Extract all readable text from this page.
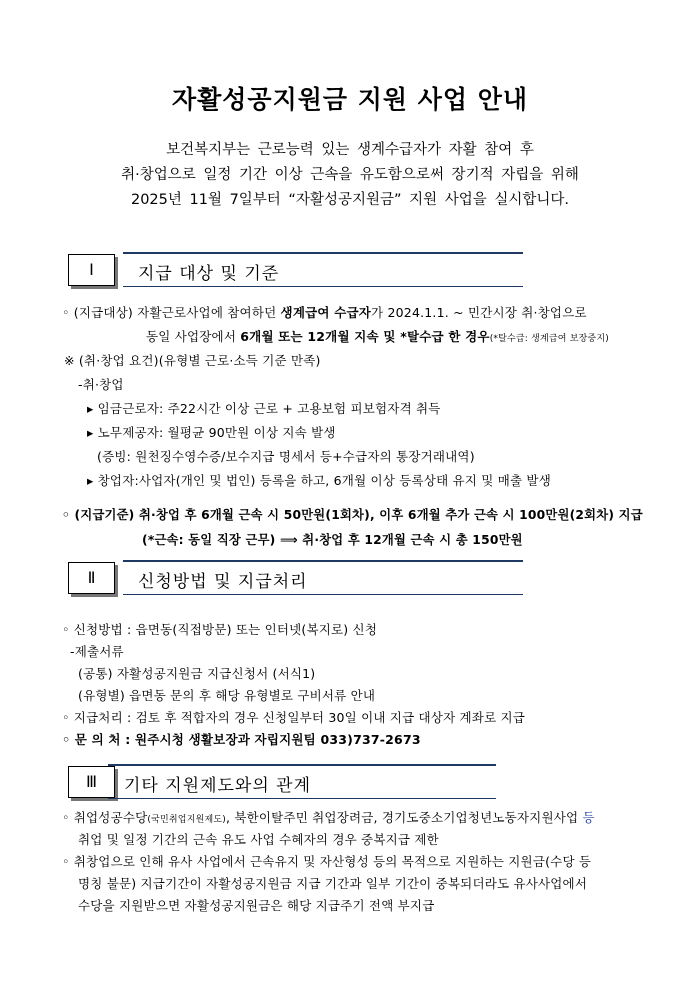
자활성공지원금 지원 사업 안내
보건복지부는 근로능력 있는 생계수급자가 자활 참여 후
취·창업으로 일정 기간 이상 근속을 유도함으로써 장기적 자립을 위해
2025년 11월 7일부터 “자활성공지원금” 지원 사업을 실시합니다.
Ⅰ	지급 대상 및 기준
◦ (지급대상) 자활근로사업에 참여하던 생계급여 수급자가 2024.1.1. ~ 민간시장 취·창업으로
동일 사업장에서 6개월 또는 12개월 지속 및 *탈수급 한 경우(*탈수급: 생계급여 보장중지)
※ (취·창업 요건)(유형별 근로·소득 기준 만족)
-취·창업
▸ 임금근로자: 주22시간 이상 근로 + 고용보험 피보험자격 취득
▸ 노무제공자: 월평균 90만원 이상 지속 발생
(증빙: 원천징수영수증/보수지급 명세서 등+수급자의 통장거래내역)
▸ 창업자:사업자(개인 및 법인) 등록을 하고, 6개월 이상 등록상태 유지 및 매출 발생
◦ (지급기준) 취·창업 후 6개월 근속 시 50만원(1회차), 이후 6개월 추가 근속 시 100만원(2회차) 지급
(*근속: 동일 직장 근무) ⟹ 취·창업 후 12개월 근속 시 총 150만원
Ⅱ	신청방법 및 지급처리
◦ 신청방법 : 읍면동(직접방문) 또는 인터넷(복지로) 신청
-제출서류
(공통) 자활성공지원금 지급신청서 (서식1)
(유형별) 읍면동 문의 후 해당 유형별로 구비서류 안내
◦ 지급처리 : 검토 후 적합자의 경우 신청일부터 30일 이내 지급 대상자 계좌로 지급
◦ 문 의 처 : 원주시청 생활보장과 자립지원팀 033)737-2673
Ⅲ	기타 지원제도와의 관계
◦ 취업성공수당(국민취업지원제도), 북한이탈주민 취업장려금, 경기도중소기업청년노동자지원사업 등
취업 및 일정 기간의 근속 유도 사업 수혜자의 경우 중복지급 제한
◦ 취창업으로 인해 유사 사업에서 근속유지 및 자산형성 등의 목적으로 지원하는 지원금(수당 등
명칭 불문) 지급기간이 자활성공지원금 지급 기간과 일부 기간이 중복되더라도 유사사업에서
수당을 지원받으면 자활성공지원금은 해당 지급주기 전액 부지급
